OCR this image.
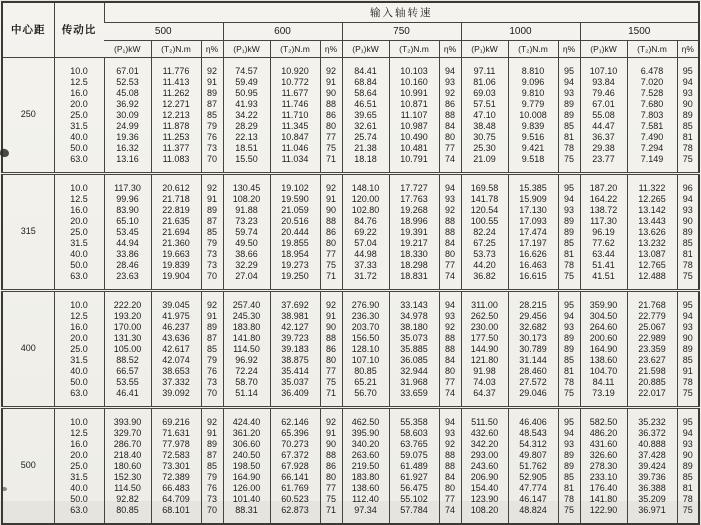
中心距	传动比	输入轴转速														
		500			600			750			1000			1500		
		(P₁)kW	(T₂)N.m	η%	(P₁)kW	(T₂)N.m	η%	(P₁)kW	(T₂)N.m	η%	(P₁)kW	(T₂)N.m	η%	(P₁)kW	(T₂)N.m	η%
250	10.0	67.01	11.776	92	74.57	10.920	92	84.41	10.103	94	97.11	8.810	95	107.10	6.478	95
	12.5	52.53	11.413	91	59.49	10.772	91	68.84	10.160	93	81.06	9.096	94	93.84	7.020	94
	16.0	45.08	11.262	89	50.95	11.677	90	58.64	10.991	92	69.03	9.810	93	79.46	7.528	93
	20.0	36.92	12.271	87	41.93	11.746	88	46.51	10.871	86	57.51	9.779	89	67.01	7.680	90
	25.0	30.09	12.213	85	34.22	11.710	86	39.65	11.107	88	47.10	10.008	89	55.08	7.803	89
	31.5	24.99	11.878	79	28.29	11.345	80	32.61	10.987	84	38.48	9.839	85	44.47	7.581	85
	40.0	19.36	11.253	76	22.13	10.847	77	25.74	10.490	80	30.75	9.516	81	36.37	7.490	81
	50.0	16.32	11.377	73	18.51	11.046	75	21.38	10.481	77	25.30	9.421	78	29.38	7.294	78
	63.0	13.16	11.083	70	15.50	11.034	71	18.18	10.791	74	21.09	9.518	75	23.77	7.149	75
315	10.0	117.30	20.612	92	130.45	19.102	92	148.10	17.727	94	169.58	15.385	95	187.20	11.322	96
	12.5	99.96	21.718	91	108.20	19.590	91	120.00	17.763	93	141.78	15.909	94	164.22	12.265	94
	16.0	83.90	22.819	89	91.88	21.059	90	102.80	19.268	92	120.54	17.130	93	138.72	13.142	93
	20.0	65.10	21.635	87	73.23	20.516	88	84.76	18.996	88	100.55	17.093	89	117.30	13.443	90
	25.0	53.45	21.694	85	59.74	20.444	86	69.22	19.391	88	82.24	17.474	89	96.19	13.626	89
	31.5	44.94	21.360	79	49.50	19.855	80	57.04	19.217	84	67.25	17.197	85	77.62	13.232	85
	40.0	33.86	19.663	73	38.66	18.954	77	44.98	18.330	80	53.73	16.626	81	63.44	13.087	81
	50.0	28.46	19.839	73	32.29	19.273	75	37.33	18.298	77	44.20	16.463	78	51.41	12.765	78
	63.0	23.63	19.904	70	27.04	19.250	71	31.72	18.831	74	36.82	16.615	75	41.51	12.488	75
400	10.0	222.20	39.045	92	257.40	37.692	92	276.90	33.143	94	311.00	28.215	95	359.90	21.768	95
	12.5	193.20	41.975	91	245.30	38.981	91	236.30	34.978	93	262.50	29.456	94	304.50	22.779	94
	16.0	170.00	46.237	89	183.80	42.127	90	203.70	38.180	92	230.00	32.682	93	264.60	25.067	93
	20.0	131.30	43.636	87	141.80	39.723	88	156.50	35.073	88	177.50	30.173	89	200.60	22.989	90
	25.0	105.00	42.617	85	114.50	39.183	86	128.10	35.885	88	144.90	30.789	89	164.90	23.359	89
	31.5	88.52	42.074	79	96.92	38.875	80	107.10	36.085	84	121.80	31.144	85	138.60	23.627	85
	40.0	66.57	38.653	76	72.24	35.414	77	80.85	32.944	80	91.98	28.460	81	104.70	21.598	91
	50.0	53.55	37.332	73	58.70	35.037	75	65.21	31.968	77	74.03	27.572	78	84.11	20.885	78
	63.0	46.41	39.092	70	51.14	36.409	71	56.70	33.659	74	64.37	29.046	75	73.19	22.017	75
500	10.0	393.90	69.216	92	424.40	62.146	92	462.50	55.358	94	511.50	46.406	95	582.50	35.232	95
	12.5	329.70	71.631	91	361.20	65.396	91	395.90	58.603	93	432.60	48.543	94	486.20	36.372	94
	16.0	286.70	77.978	89	306.60	70.273	90	340.20	63.765	92	342.20	54.312	93	431.60	40.888	93
	20.0	218.40	72.583	87	240.50	67.372	88	263.60	59.075	88	293.00	49.807	89	326.60	37.428	90
	25.0	180.60	73.301	85	198.50	67.928	86	219.50	61.489	88	243.60	51.762	89	278.30	39.424	89
	31.5	152.30	72.389	79	164.90	66.141	80	183.80	61.927	84	206.90	52.905	85	233.10	39.736	85
	40.0	114.50	66.483	76	126.00	61.769	77	138.60	56.475	80	154.40	47.774	81	176.40	36.388	81
	50.0	92.82	64.709	73	101.40	60.523	75	112.40	55.102	77	123.90	46.147	78	141.80	35.209	78
	63.0	80.85	68.101	70	88.31	62.873	71	97.34	57.784	74	108.20	48.824	75	122.90	36.971	75
